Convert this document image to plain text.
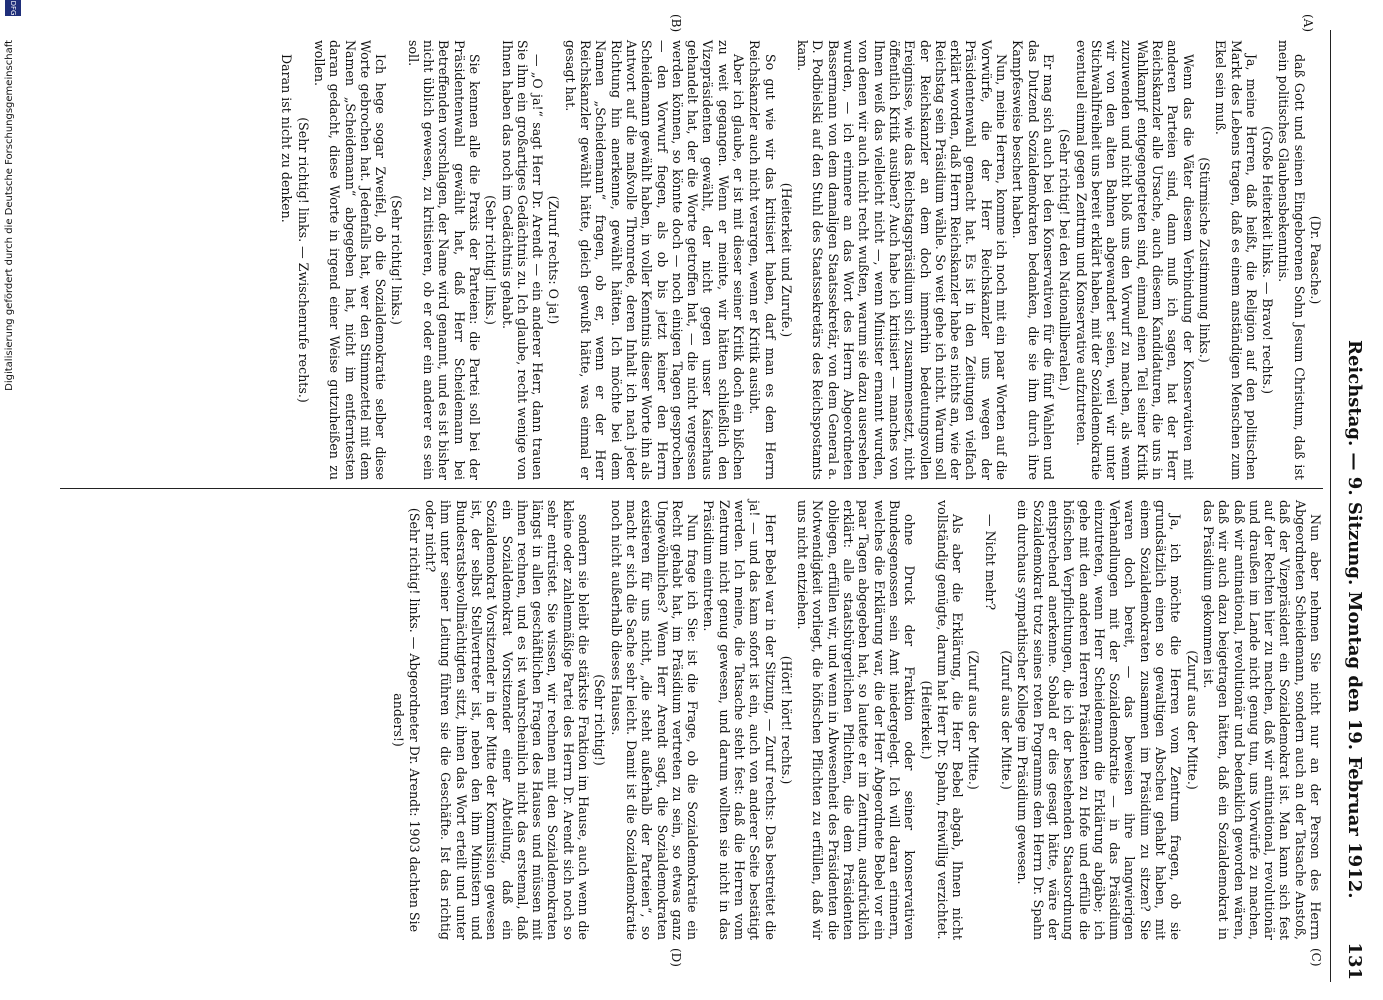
Reichstag. — 9. Sitzung. Montag den 19. Februar 1912.
131
(A)
(B)
(C)
(D)

(Dr. Paasche.)

daß Gott und seinen Eingeborenen Sohn Jesum Christum, daß ist mein politisches Glaubensbekenntnis.

(Große Heiterkeit links. — Bravo! rechts.)

Ja, meine Herren, daß heißt, die Religion auf den politischen Markt des Lebens tragen, daß es einem anständigen Menschen zum Ekel sein muß.

(Stürmische Zustimmung links.)

Wenn das die Väter diesem Verbindung der Konservativen mit anderen Parteien sind, dann muß ich sagen, hat der Herr Reichskanzler alle Ursache, auch diesem Kandidaturen, die uns in Wahlkampf entgegengetreten sind, einmal einen Teil seiner Kritik zuzuwenden und nicht bloß uns den Vorwurf zu machen, als wenn wir von den alten Bahnen abgewandert seien, weil wir unter Stichwahlfreiheit uns bereit erklärt haben, mit der Sozialdemokratie eventuell einmal gegen Zentrum und Konservative aufzutreten.

(Sehr richtig! bei den Nationalliberalen.)

Er mag sich auch bei den Konservativen für die fünf Wahlen und das Dutzend Sozialdemokraten bedanken, die sie ihm durch ihre Kampfesweise beschert haben.

Nun, meine Herren, komme ich noch mit ein paar Worten auf die Vorwürfe, die der Herr Reichskanzler uns wegen der Präsidentenwahl gemacht hat. Es ist in den Zeitungen vielfach erklärt worden, daß Herrn Reichskanzler habe es nichts an, wie der Reichstag sein Präsidium wähle. So weit gehe ich nicht. Warum soll der Reichskanzler an dem doch immerhin bedeutungsvollen Ereignisse, wie das Reichstagspräsidium sich zusammensetzt, nicht öffentlich Kritik ausüben? Auch habe ich kritisiert — manches von Ihnen weiß das vielleicht nicht —, wenn Minister ernannt wurden, von denen wir auch nicht recht wußten, warum sie dazu ausersehen wurden, — ich erinnere an das Wort des Herrn Abgeordneten Bassermann von dem damaligen Staatssekretär, von dem General a. D. Podbielski auf den Stuhl des Staatssekretärs des Reichspostamts kam.

(Heiterkeit und Zurufe.)

So gut wie wir das kritisiert haben, darf man es dem Herrn Reichskanzler auch nicht verargen, wenn er Kritik ausübt.

Aber ich glaube, er ist mit dieser seiner Kritik doch ein bißchen zu weit gegangen. Wenn er meinte, wir hätten schließlich den Vizepräsidenten gewählt, der nicht gegen unser Kaiserhaus gehandelt hat, der die Worte getroffen hat, — die nicht vergessen werden können, so könnte doch — noch einigen Tagen gesprochen — den Vorwurf fiegen, als ob bis jetzt keiner den Herrn Scheidemann gewählt haben, in voller Kenntnis dieser Worte ihn als Antwort auf die maßvolle Thronrede, deren Inhalt ich nach jeder Richtung hin anerkenne, gewählt hätten. Ich möchte bei dem Namen „Scheidemann“ fragen, ob er, wenn er der Herr Reichskanzler gewählt hätte, gleich gewußt hätte, was einmal er gesagt hat.

(Zuruf rechts: O ja!)

— „O ja!“ sagt Herr Dr. Arendt — ein anderer Herr, dann trauen Sie ihm ein großartiges Gedächtnis zu. Ich glaube, recht wenige von Ihnen haben das noch im Gedächtnis gehabt.

(Sehr richtig! links.)

Sie kennen alle die Praxis der Parteien: die Partei soll bei der Präsidentenwahl gewählt hat, daß Herr Scheidemann bei Betreffenden vorschlagen, der Name wird genannt, und es ist bisher nicht üblich gewesen, zu kritisieren, ob er oder ein anderer es sein soll.

(Sehr richtig! links.)

Ich hege sogar Zweifel, ob die Sozialdemokratie selber diese Worte gebrochen hat. Jedenfalls hat, wer den Stimmzettel mit dem Namen „Scheidemann“ abgegeben hat, nicht im entferntesten daran gedacht, diese Worte in irgend einer Weise gutzuheißen zu wollen.

(Sehr richtig! links. — Zwischenrufe rechts.)

Daran ist nicht zu denken.

Nun aber nehmen Sie nicht nur an der Person des Herrn Abgeordneten Scheidemann, sondern auch an der Tatsache Anstoß, daß der Vizepräsident ein Sozialdemokrat ist. Man kann sich fest auf der Rechten hier zu machen, daß wir antinational, revolutionär und draußen im Lande nicht genug tun, uns Vorwürfe zu machen, daß wir antinational, revolutionär und bedenklich geworden wären, daß wir auch dazu beigetragen hätten, daß ein Sozialdemokrat in das Präsidium gekommen ist.

(Zuruf aus der Mitte.)

Ja, ich möchte die Herren vom Zentrum fragen, ob sie grundsätzlich einen so gewaltigen Abscheu gehabt haben, mit einem Sozialdemokraten zusammen im Präsidium zu sitzen? Sie waren doch bereit, — das beweisen ihre langwierigen Verhandlungen mit der Sozialdemokratie — in das Präsidium einzutreten, wenn Herr Scheidemann die Erklärung abgäbe; ich gehe mit den anderen Herren Präsidenten zu Hofe und erfülle die höfischen Verpflichtungen, die ich der bestehenden Staatsordnung entsprechend anerkenne. Sobald er dies gesagt hätte, wäre der Sozialdemokrat trotz seines roten Programms dem Herrn Dr. Spahn ein durchaus sympathischer Kollege im Präsidium gewesen.

(Zuruf aus der Mitte.)

— Nicht mehr?

(Zuruf aus der Mitte.)

Als aber die Erklärung, die Herr Bebel abgab, Ihnen nicht vollständig genügte, darum hat Herr Dr. Spahn, freiwillig verzichtet.

(Heiterkeit.)

ohne Druck der Fraktion oder seiner konservativen Bundesgenossen sein Amt niedergelegt. Ich will daran erinnern, welches die Erklärung war, die der Herr Abgeordnete Bebel vor ein paar Tagen abgegeben hat, so lautete er im Zentrum, ausdrücklich erklärt: alle staatsbürgerlichen Pflichten, die dem Präsidenten obliegen, erfüllen wir, und wenn in Abwesenheit des Präsidenten die Notwendigkeit vorliegt, die höfischen Pflichten zu erfüllen, daß wir uns nicht entziehen.

(Hört! hört! rechts.)

Herr Bebel war in der Sitzung, — Zuruf rechts: Das bestreitet die ja! — und das kam sofort ist ein, auch von anderer Seite bestätigt werden. Ich meine, die Tatsache steht fest: daß die Herren vom Zentrum nicht genug gewesen, und darum wollten sie nicht in das Präsidium eintreten.

Nun frage ich Sie: ist die Frage, ob die Sozialdemokratie ein Recht gehabt hat, im Präsidium vertreten zu sein, so etwas ganz Ungewöhnliches? Wenn Herr Arendt sagt, die Sozialdemokraten existieren für uns nicht, „die steht außerhalb der Parteien“, so macht er sich die Sache sehr leicht. Damit ist die Sozialdemokratie noch nicht außerhalb dieses Hauses.

(Sehr richtig!)

sondern sie bleibt die stärkste Fraktion im Hause, auch wenn die kleine oder zahlenmäßige Partei des Herrn Dr. Arendt sich noch so sehr entrüstet. Sie wissen, wir rechnen mit den Sozialdemokraten längst in allen geschäftlichen Fragen des Hauses und müssen mit ihnen rechnen, und es ist wahrscheinlich nicht das erstemal, daß ein Sozialdemokrat Vorsitzender einer Abteilung, daß ein Sozialdemokrat Vorsitzender in der Mitte der Kommission gewesen ist, der selbst Stellvertreter ist, neben den ihm Ministern und Bundesratsbevollmächtigten sitzt, ihnen das Wort erteilt und unter ihm unter seiner Leitung führen sie die Geschäfte. Ist das richtig oder nicht?

(Sehr richtig! links. — Abgeordneter Dr. Arendt: 1903 dachten Sie anders!)

DFG
Digitalisierung gefördert durch die Deutsche Forschungsgemeinschaft
